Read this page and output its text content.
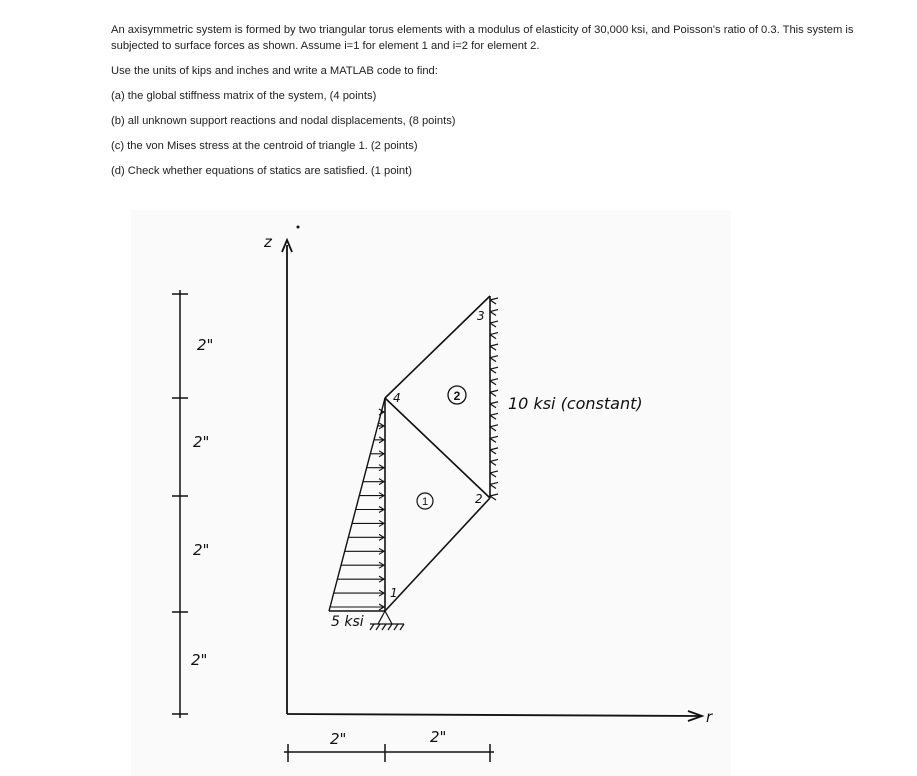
An axisymmetric system is formed by two triangular torus elements with a modulus of elasticity of 30,000 ksi, and Poisson's ratio of 0.3. This system is subjected to surface forces as shown. Assume i=1 for element 1 and i=2 for element 2.

Use the units of kips and inches and write a MATLAB code to find:

(a) the global stiffness matrix of the system, (4 points)

(b) all unknown support reactions and nodal displacements, (8 points)

(c) the von Mises stress at the centroid of triangle 1. (2 points)

(d) Check whether equations of statics are satisfied. (1 point)

z
r
2"
2"
2"
2"
2"	2"
1
2
3
4
1
2
5 ksi
10 ksi (constant)
